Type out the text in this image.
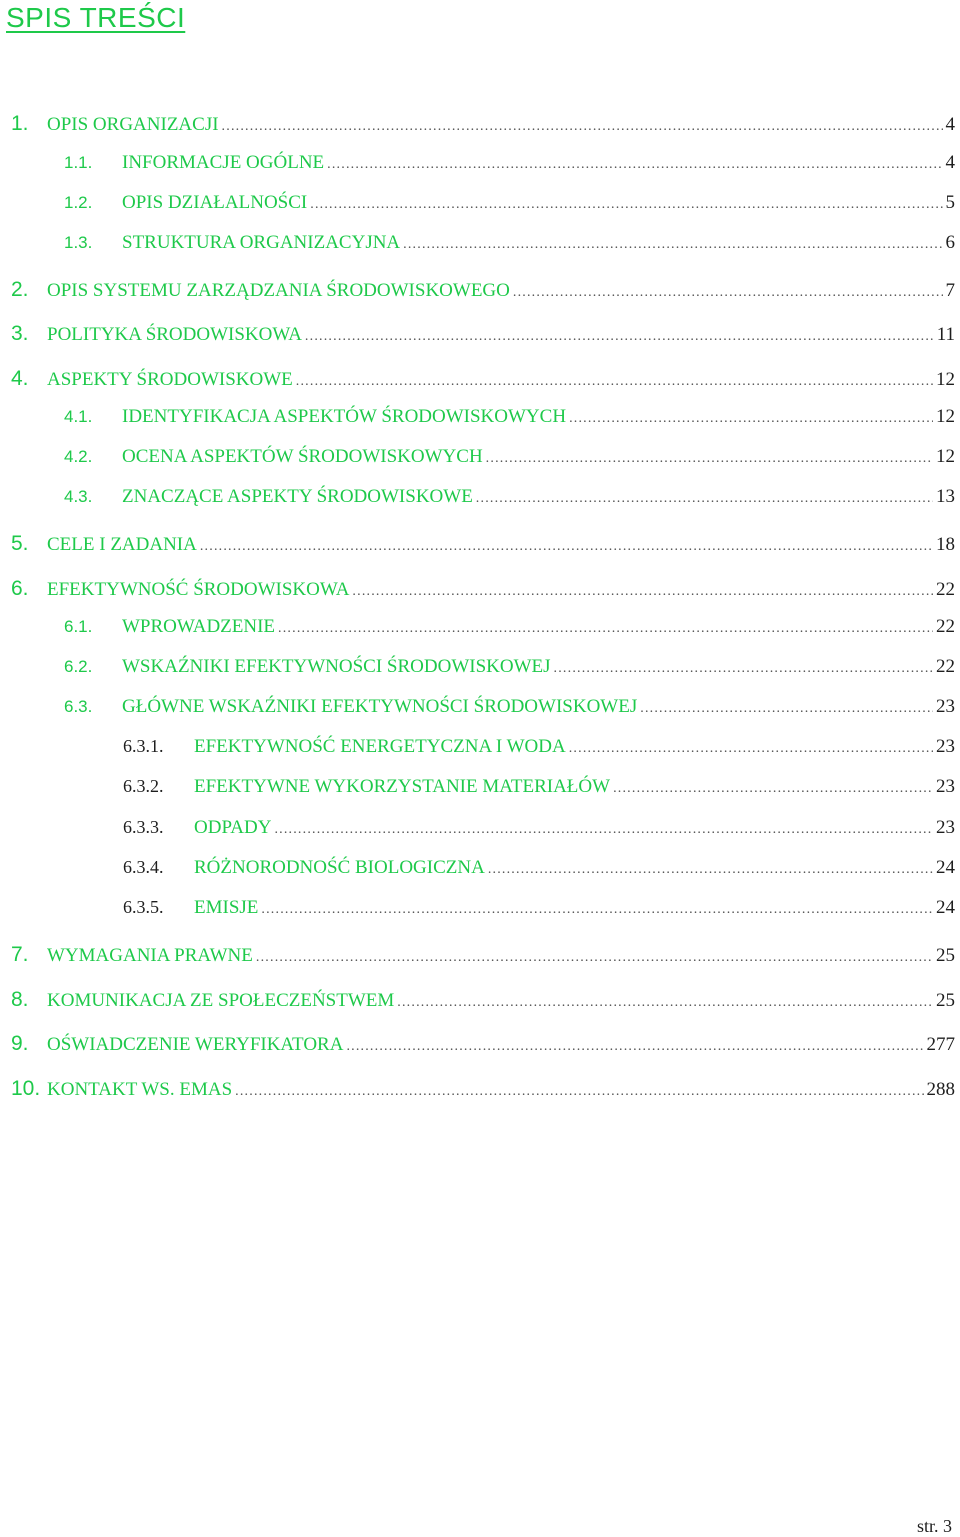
SPIS TREŚCI
1. OPIS ORGANIZACJI .....	4
1.1.	INFORMACJE OGÓLNE .....	4
1.2.	OPIS DZIAŁALNOŚCI .....	5
1.3.	STRUKTURA ORGANIZACYJNA .....	6
2. OPIS SYSTEMU ZARZĄDZANIA ŚRODOWISKOWEGO .....	7
3. POLITYKA ŚRODOWISKOWA .....	11
4. ASPEKTY ŚRODOWISKOWE .....	12
4.1.	IDENTYFIKACJA ASPEKTÓW ŚRODOWISKOWYCH .....	12
4.2.	OCENA ASPEKTÓW ŚRODOWISKOWYCH .....	12
4.3.	ZNACZĄCE ASPEKTY ŚRODOWISKOWE .....	13
5. CELE I ZADANIA .....	18
6. EFEKTYWNOŚĆ ŚRODOWISKOWA .....	22
6.1.	WPROWADZENIE .....	22
6.2.	WSKAŹNIKI EFEKTYWNOŚCI ŚRODOWISKOWEJ .....	22
6.3.	GŁÓWNE WSKAŹNIKI EFEKTYWNOŚCI ŚRODOWISKOWEJ .....	23
6.3.1.	EFEKTYWNOŚĆ ENERGETYCZNA I WODA .....	23
6.3.2.	EFEKTYWNE WYKORZYSTANIE MATERIAŁÓW .....	23
6.3.3.	ODPADY .....	23
6.3.4.	RÓŻNORODNOŚĆ BIOLOGICZNA .....	24
6.3.5.	EMISJE .....	24
7. WYMAGANIA PRAWNE .....	25
8. KOMUNIKACJA ZE SPOŁECZEŃSTWEM .....	25
9. OŚWIADCZENIE WERYFIKATORA .....	277
10. KONTAKT WS. EMAS .....	288
str. 3
